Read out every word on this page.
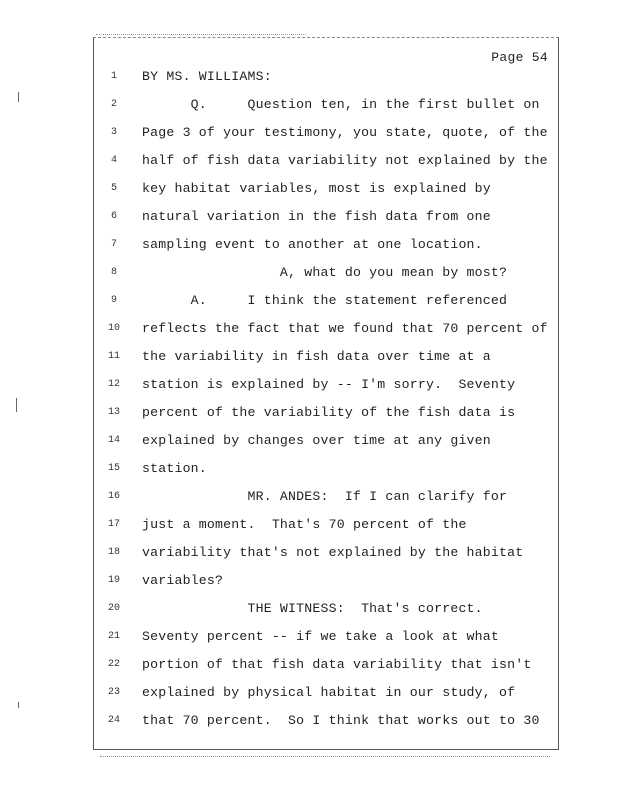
Page 54
1	BY MS. WILLIAMS:
2	Q.     Question ten, in the first bullet on
3	Page 3 of your testimony, you state, quote, of the
4	half of fish data variability not explained by the
5	key habitat variables, most is explained by
6	natural variation in the fish data from one
7	sampling event to another at one location.
8	A, what do you mean by most?
9	A.     I think the statement referenced
10	reflects the fact that we found that 70 percent of
11	the variability in fish data over time at a
12	station is explained by -- I'm sorry.  Seventy
13	percent of the variability of the fish data is
14	explained by changes over time at any given
15	station.
16	MR. ANDES:  If I can clarify for
17	just a moment.  That's 70 percent of the
18	variability that's not explained by the habitat
19	variables?
20	THE WITNESS:  That's correct.
21	Seventy percent -- if we take a look at what
22	portion of that fish data variability that isn't
23	explained by physical habitat in our study, of
24	that 70 percent.  So I think that works out to 30
